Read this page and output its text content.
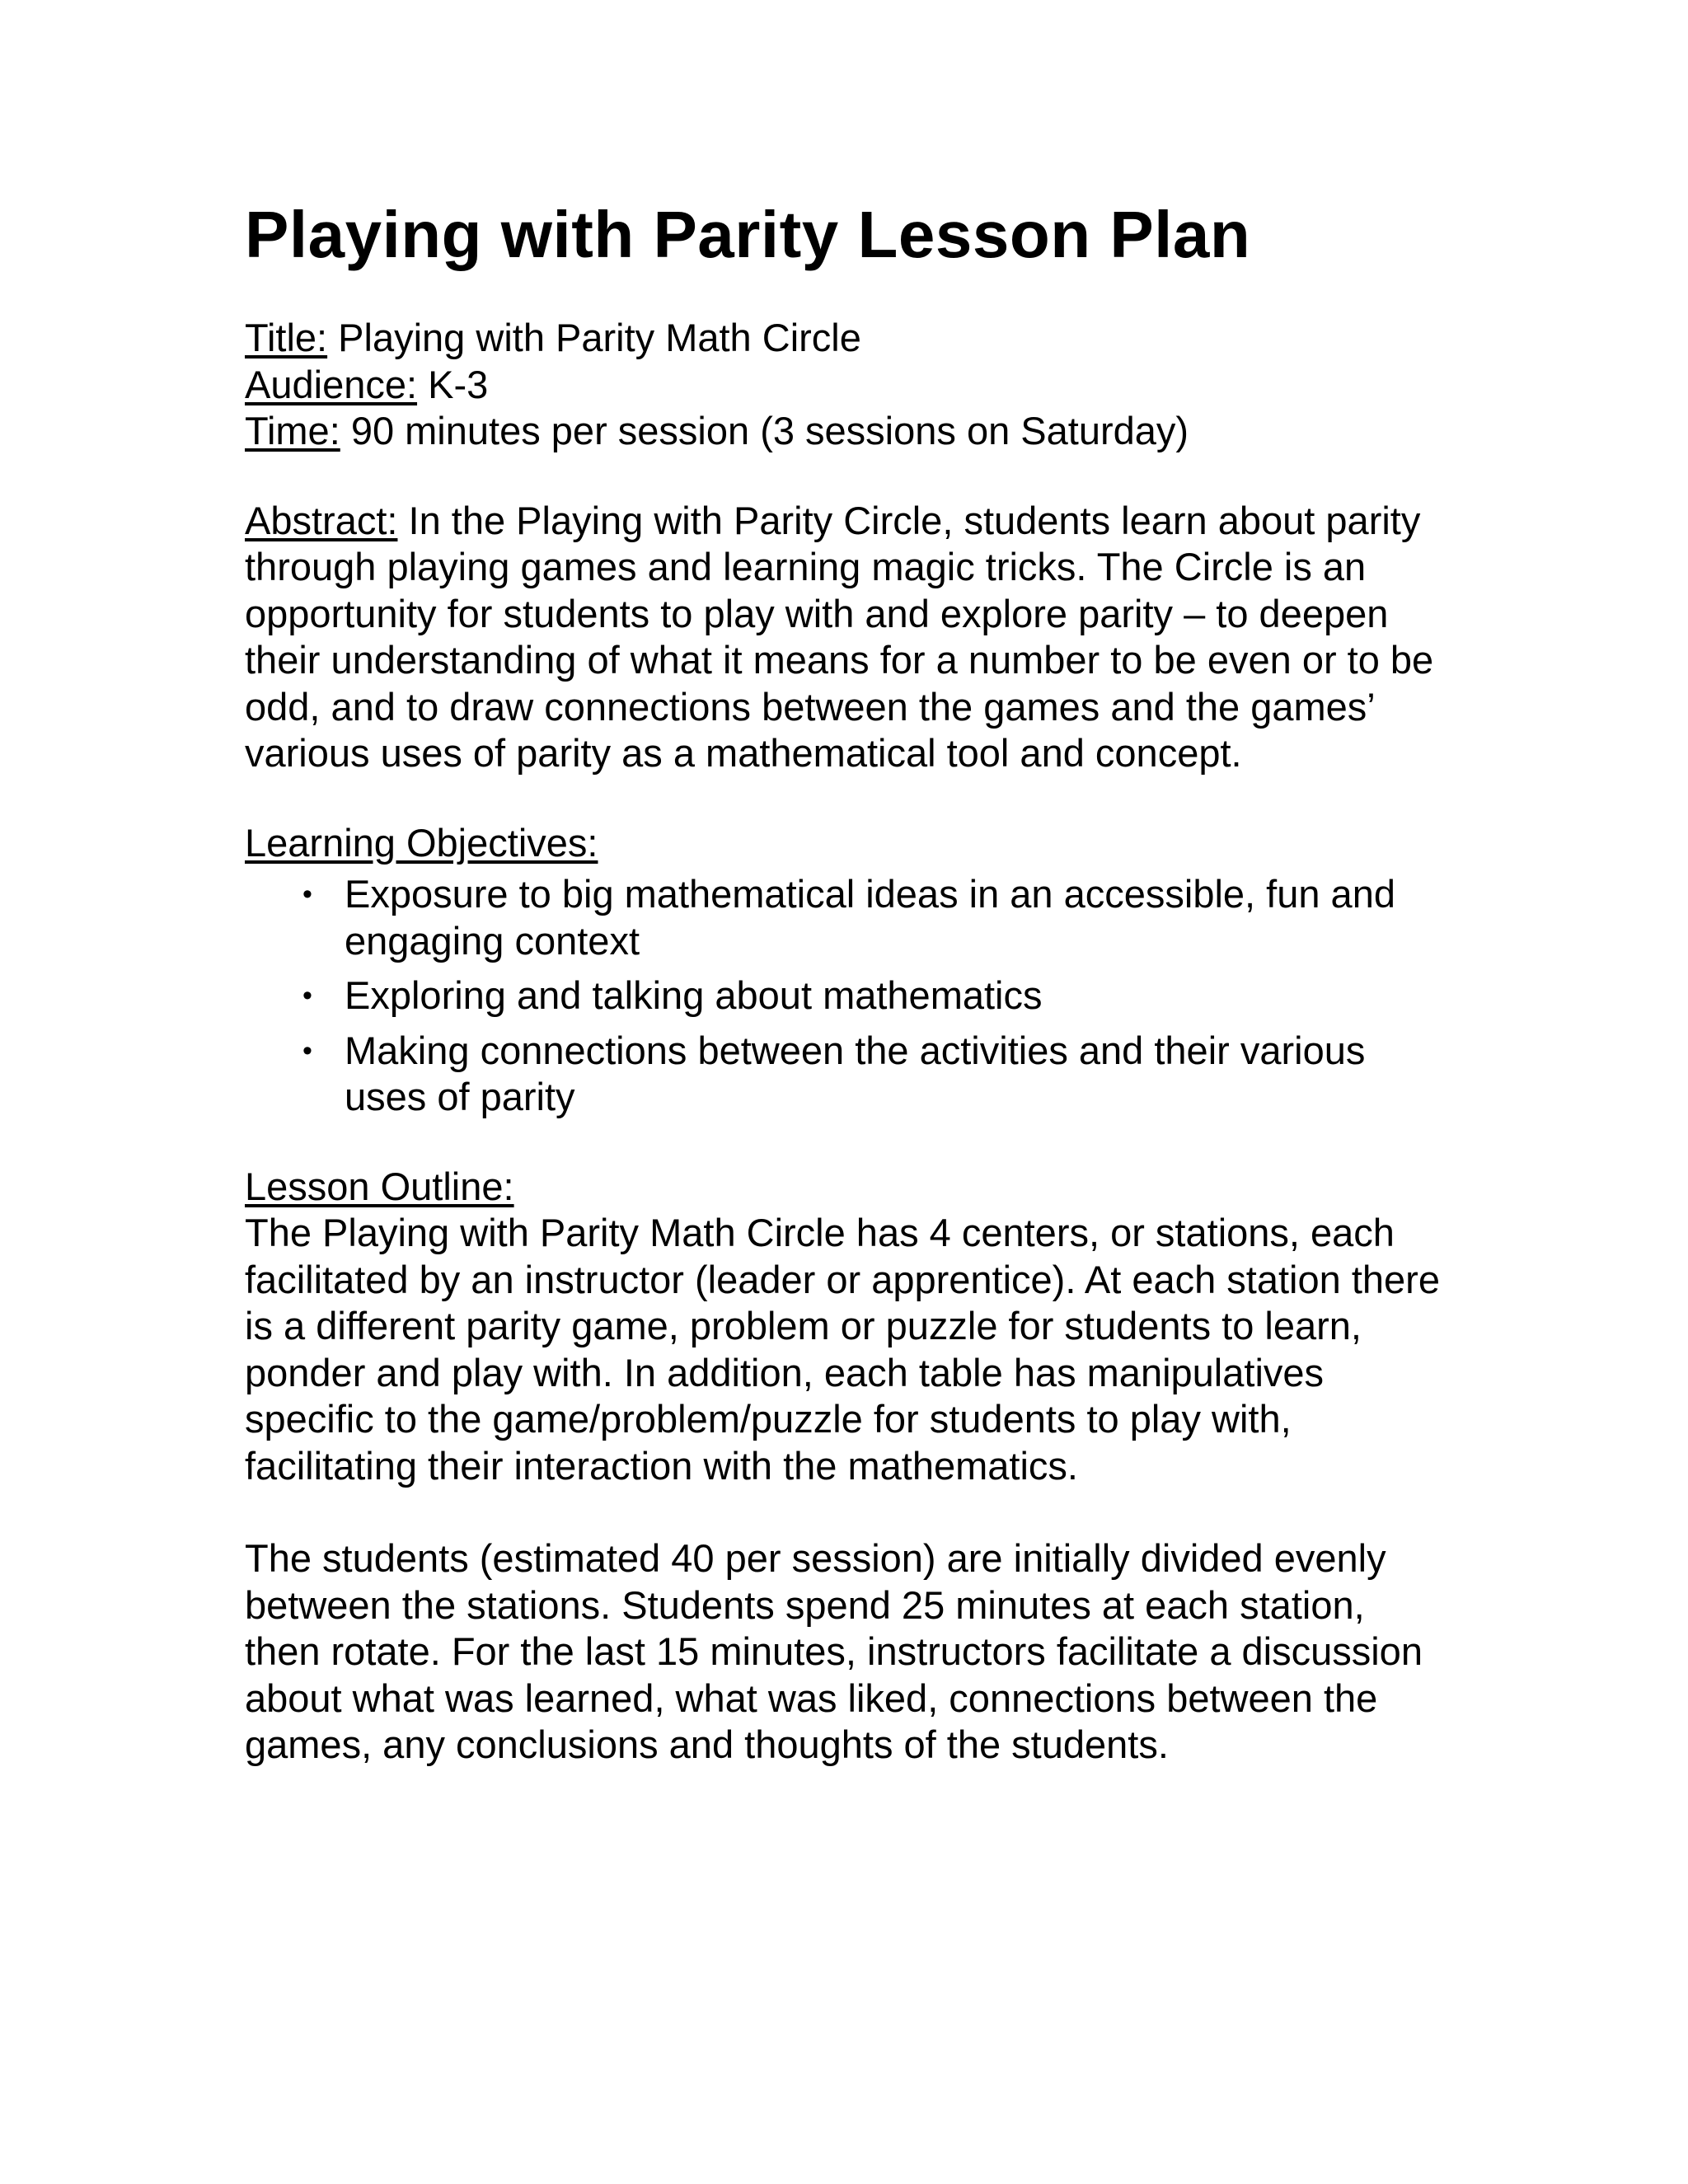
Playing with Parity Lesson Plan
Title: Playing with Parity Math Circle
Audience: K-3
Time: 90 minutes per session (3 sessions on Saturday)

Abstract: In the Playing with Parity Circle, students learn about parity through playing games and learning magic tricks. The Circle is an opportunity for students to play with and explore parity – to deepen their understanding of what it means for a number to be even or to be odd, and to draw connections between the games and the games’ various uses of parity as a mathematical tool and concept.

Learning Objectives:

• Exposure to big mathematical ideas in an accessible, fun and engaging context
• Exploring and talking about mathematics
• Making connections between the activities and their various uses of parity

Lesson Outline:

The Playing with Parity Math Circle has 4 centers, or stations, each facilitated by an instructor (leader or apprentice). At each station there is a different parity game, problem or puzzle for students to learn, ponder and play with. In addition, each table has manipulatives specific to the game/problem/puzzle for students to play with, facilitating their interaction with the mathematics.

The students (estimated 40 per session) are initially divided evenly between the stations. Students spend 25 minutes at each station, then rotate. For the last 15 minutes, instructors facilitate a discussion about what was learned, what was liked, connections between the games, any conclusions and thoughts of the students.
